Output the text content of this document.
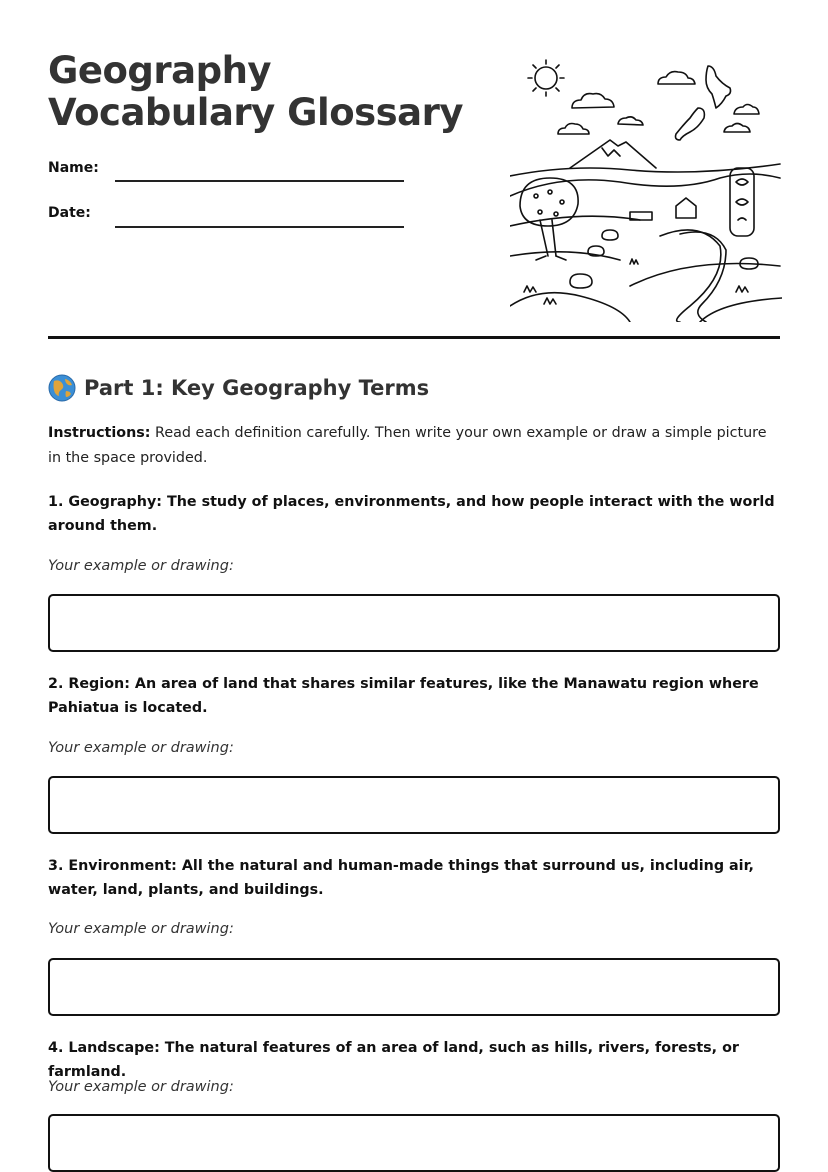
Geography Vocabulary Glossary
Name:
Date:
Part 1: Key Geography Terms

Instructions: Read each definition carefully. Then write your own example or draw a simple picture in the space provided.

1. Geography: The study of places, environments, and how people interact with the world around them.

Your example or drawing:

2. Region: An area of land that shares similar features, like the Manawatu region where Pahiatua is located.

Your example or drawing:

3. Environment: All the natural and human-made things that surround us, including air, water, land, plants, and buildings.

Your example or drawing:

4. Landscape: The natural features of an area of land, such as hills, rivers, forests, or farmland.

Your example or drawing:
